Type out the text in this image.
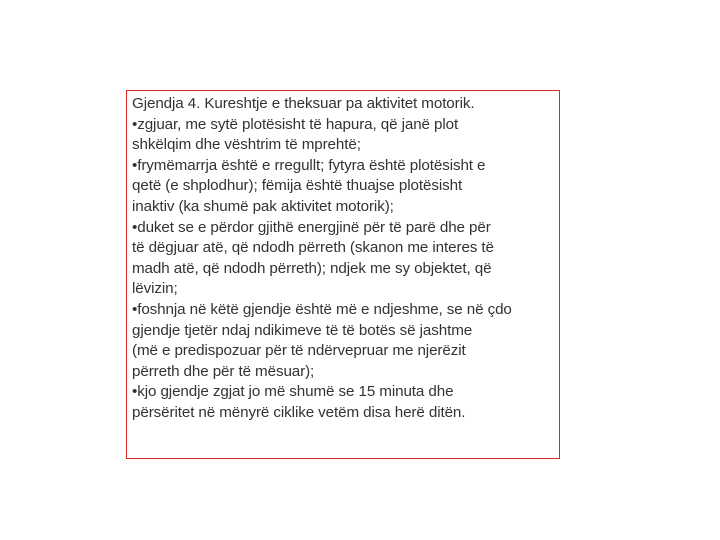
Gjendja 4. Kureshtje e theksuar pa aktivitet motorik.

•zgjuar, me sytë plotësisht të hapura, që janë plot

shkëlqim dhe vështrim të mprehtë;

•frymëmarrja është e rregullt; fytyra është plotësisht e

qetë (e shplodhur); fëmija është thuajse plotësisht

inaktiv (ka shumë pak aktivitet motorik);

•duket se e përdor gjithë energjinë për të parë dhe për

të dëgjuar atë, që ndodh përreth (skanon me interes të

madh atë, që ndodh përreth); ndjek me sy objektet, që

lëvizin;

•foshnja në këtë gjendje është më e ndjeshme, se në çdo

gjendje tjetër ndaj ndikimeve të të botës së jashtme

(më e predispozuar për të ndërvepruar me njerëzit

përreth dhe për të mësuar);

•kjo gjendje zgjat jo më shumë se 15 minuta dhe

përsëritet në mënyrë ciklike vetëm disa herë ditën.
